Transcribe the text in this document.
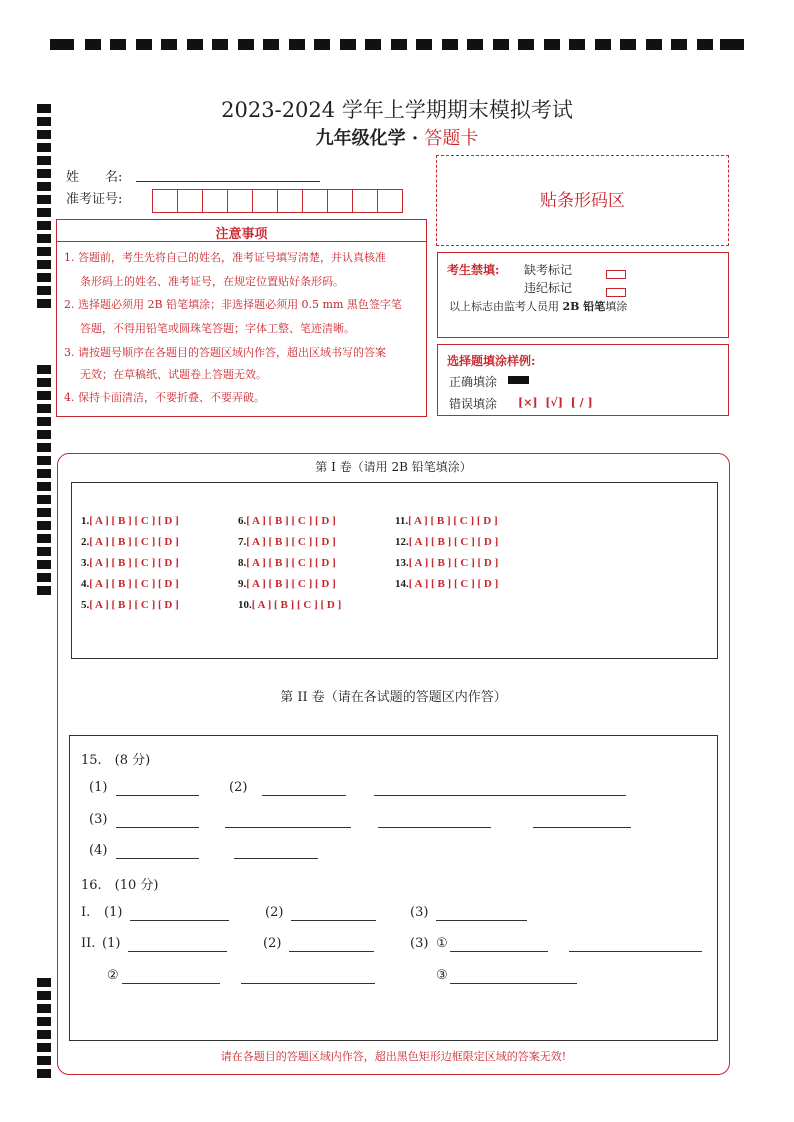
2023-2024 学年上学期期末模拟考试
九年级化学 · 答题卡
姓　　名:
准考证号:	贴条形码区
注意事项
1. 答题前，考生先将自己的姓名，准考证号填写清楚，并认真核准
条形码上的姓名、准考证号，在规定位置贴好条形码。
2. 选择题必须用 2B 铅笔填涂；非选择题必须用 0.5 mm 黑色签字笔
答题，不得用铅笔或圆珠笔答题；字体工整、笔迹清晰。
3. 请按题号顺序在各题目的答题区域内作答，超出区域书写的答案
无效；在草稿纸、试题卷上答题无效。
4. 保持卡面清洁，不要折叠、不要弄破。
考生禁填: 缺考标记
违纪标记
以上标志由监考人员用 2B 铅笔填涂
选择题填涂样例:
正确填涂
错误填涂 [×]  [√]  [ / ]
第 I 卷（请用 2B 铅笔填涂）
1.[ A ] [ B ] [ C ] [ D ]
2.[ A ] [ B ] [ C ] [ D ]
3.[ A ] [ B ] [ C ] [ D ]
4.[ A ] [ B ] [ C ] [ D ]
5.[ A ] [ B ] [ C ] [ D ]
6.[ A ] [ B ] [ C ] [ D ]
7.[ A ] [ B ] [ C ] [ D ]
8.[ A ] [ B ] [ C ] [ D ]
9.[ A ] [ B ] [ C ] [ D ]
10.[ A ] [ B ] [ C ] [ D ]
11.[ A ] [ B ] [ C ] [ D ]
12.[ A ] [ B ] [ C ] [ D ]
13.[ A ] [ B ] [ C ] [ D ]
14.[ A ] [ B ] [ C ] [ D ]
第 II 卷（请在各试题的答题区内作答）
15.　(8 分)
(1)	(2)
(3)
(4)
16.　(10 分)
I. (1)	(2)	(3)
II. (1)	(2)	(3) ①
②	③
请在各题目的答题区域内作答，超出黑色矩形边框限定区域的答案无效!
